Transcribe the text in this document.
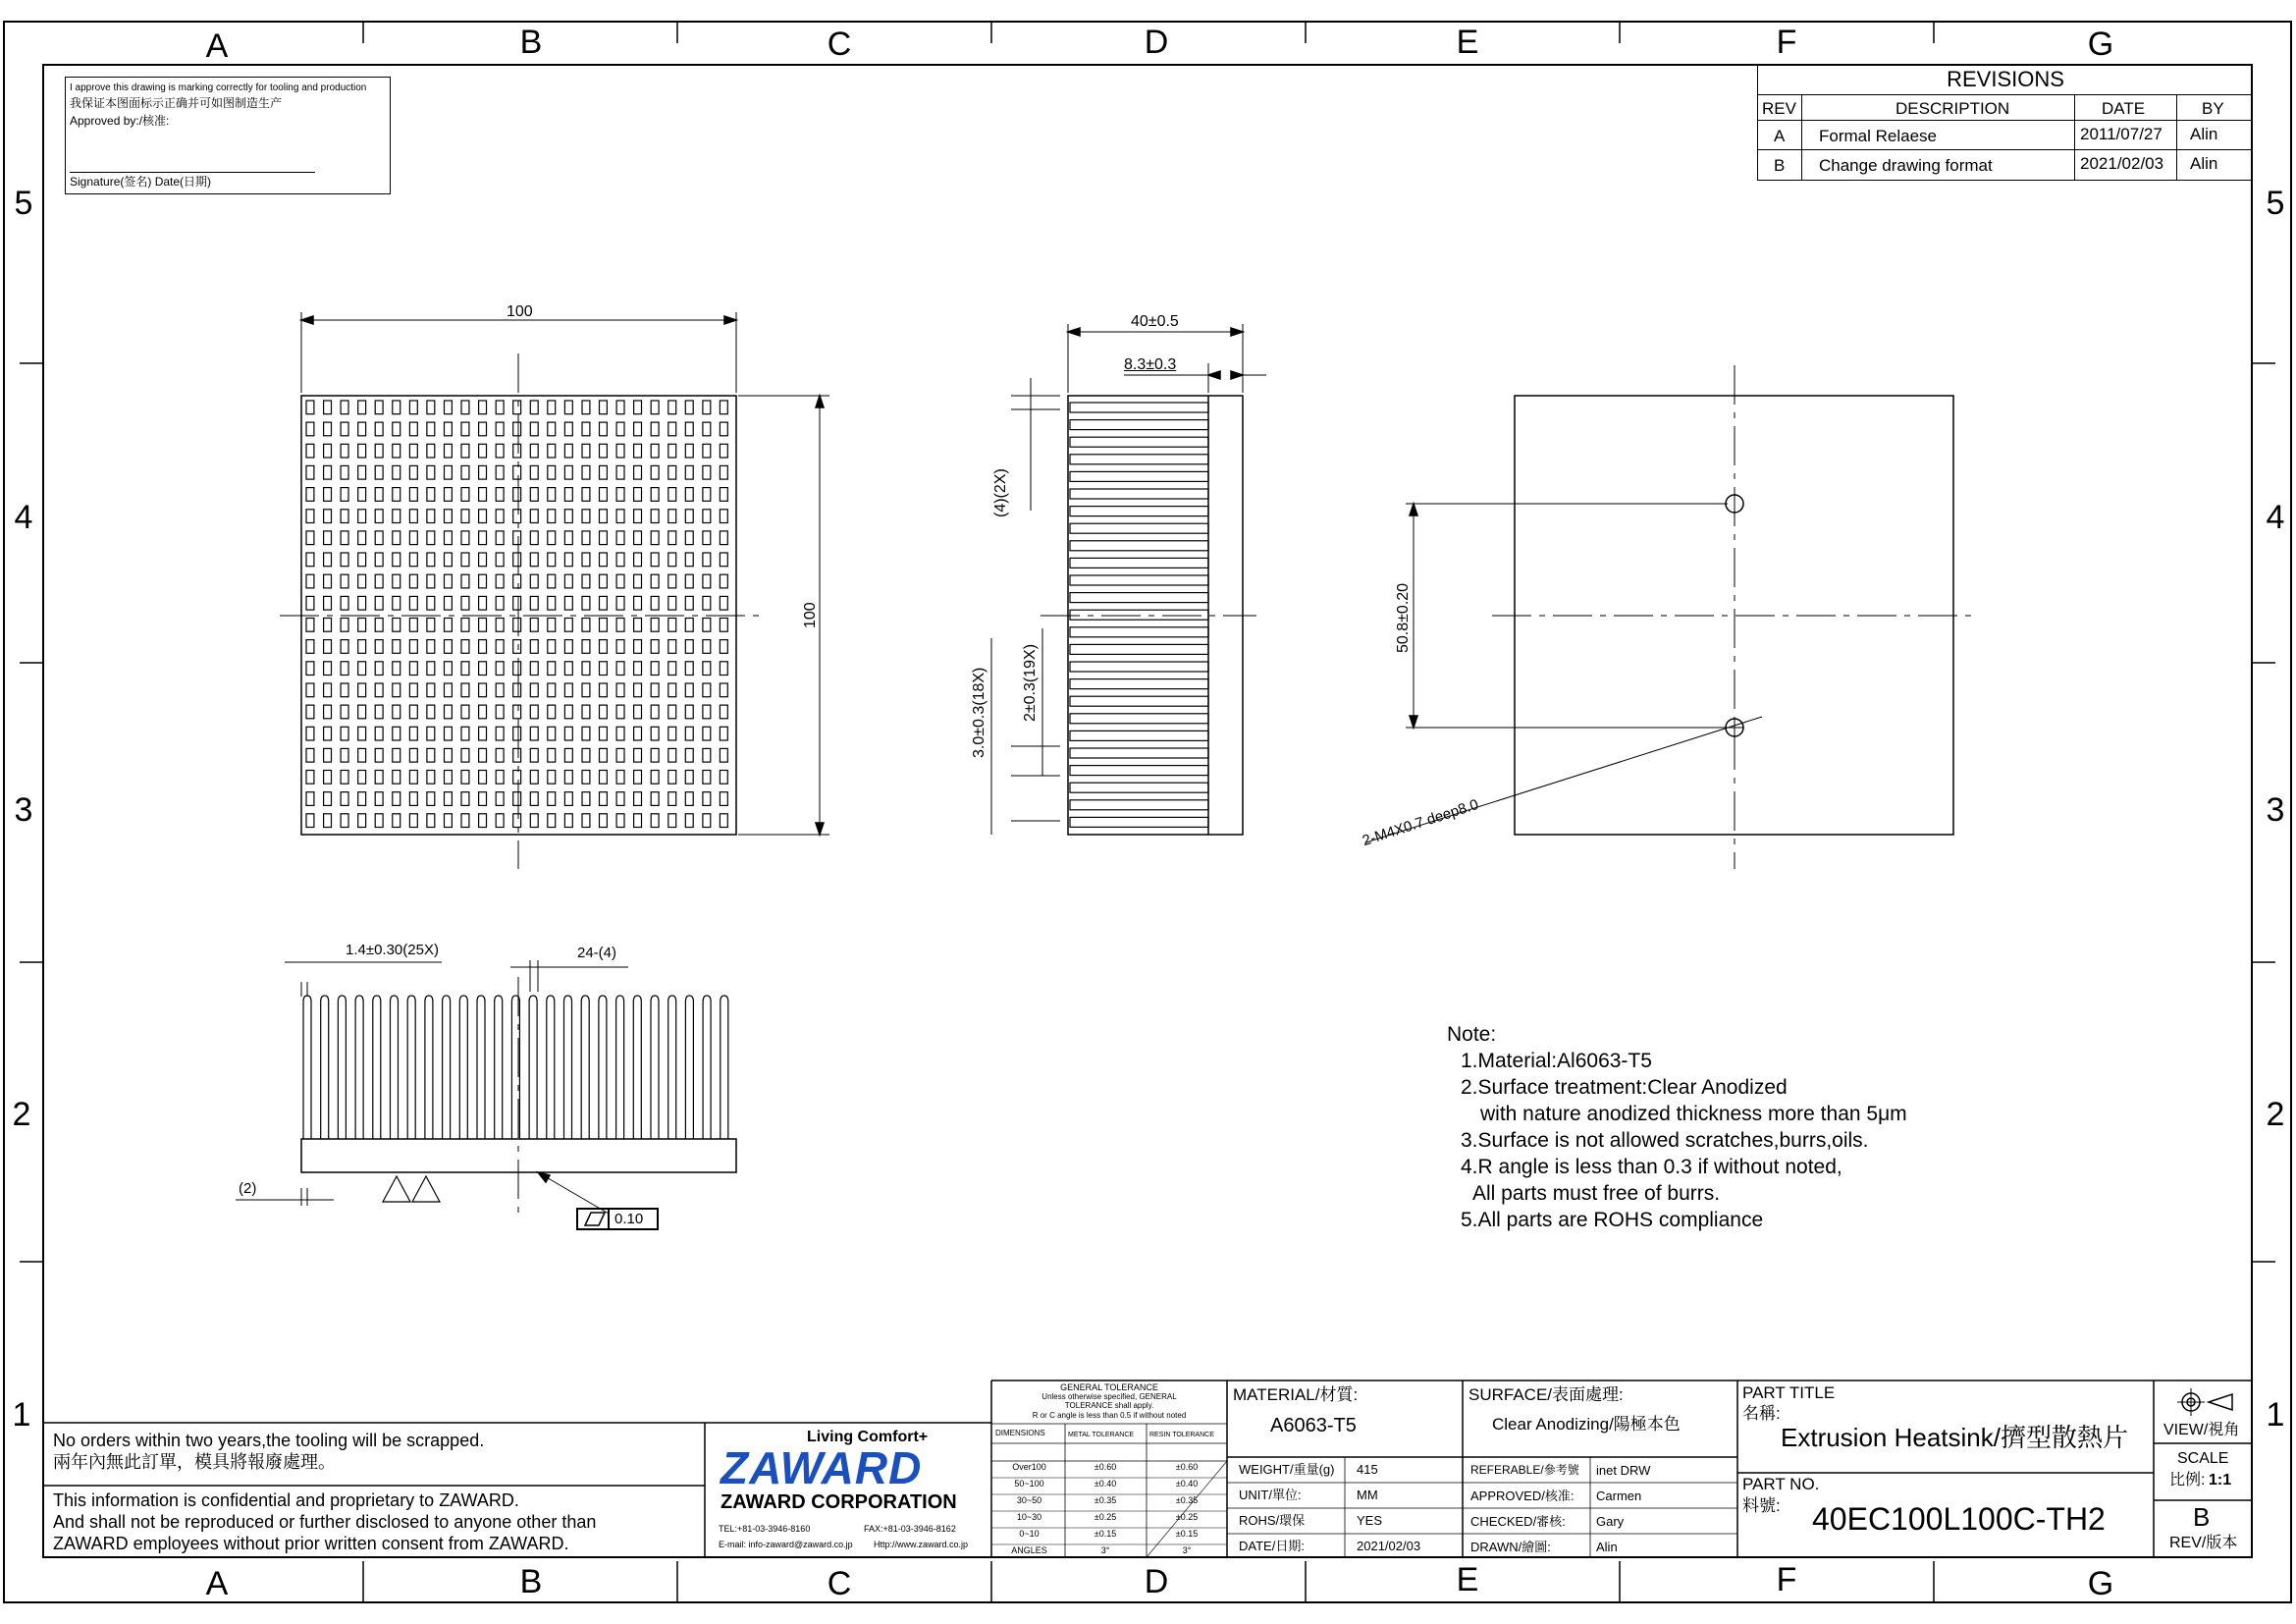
A	B	C	D	E	F	G
A	B	C	D	E	F	G
5
4
3
2
1
5
4
3
2
1
I approve this drawing is marking correctly for tooling and production
我保证本图面标示正确并可如图制造生产
Approved by:/核准:
Signature(签名) Date(日期)
REVISIONS
REV	DESCRIPTION	DATE	BY
A Formal Relaese	2011/07/27 Alin
B Change drawing format	2021/02/03 Alin
100
100
40±0.5
8.3±0.3
(4)(2X)
2±0.3(19X)
3.0±0.3(18X)
50.8±0.20
2-M4X0.7 deep8.0
1.4±0.30(25X)	24-(4)
(2)
0.10
Note:
1.Material:Al6063-T5
2.Surface treatment:Clear Anodized
with nature anodized thickness more than 5μm
3.Surface is not allowed scratches,burrs,oils.
4.R angle is less than 0.3 if without noted,
All parts must free of burrs.
5.All parts are ROHS compliance
No orders within two years,the tooling will be scrapped.
兩年內無此訂單，模具將報廢處理。
This information is confidential and proprietary to ZAWARD.
And shall not be reproduced or further disclosed to anyone other than
ZAWARD employees without prior written consent from ZAWARD.
Living Comfort+
ZAWARD
ZAWARD CORPORATION
TEL:+81-03-3946-8160	FAX:+81-03-3946-8162
E-mail: info-zaward@zaward.co.jp Http://www.zaward.co.jp
GENERAL TOLERANCE
Unless otherwise specified, GENERAL
TOLERANCE shall apply.
R or C angle is less than 0.5 if without noted
DIMENSIONS	METAL TOLERANCE RESIN TOLERANCE
Over100	±0.60	±0.60
50~100	±0.40	±0.40
30~50	±0.35	±0.35
10~30	±0.25	±0.25
0~10	±0.15	±0.15
ANGLES	3°	3°
MATERIAL/材質:
A6063-T5
SURFACE/表面處理:
Clear Anodizing/陽極本色
WEIGHT/重量(g) 415
UNIT/單位:	MM
ROHS/環保	YES
DATE/日期:	2021/02/03
REFERABLE/參考號 inet DRW
APPROVED/核准: Carmen
CHECKED/審核: Gary
DRAWN/繪圖:	Alin
PART TITLE
名稱:
Extrusion Heatsink/擠型散熱片
PART NO.
料號: 40EC100L100C-TH2
VIEW/視角
SCALE
比例: 1:1
B
REV/版本
